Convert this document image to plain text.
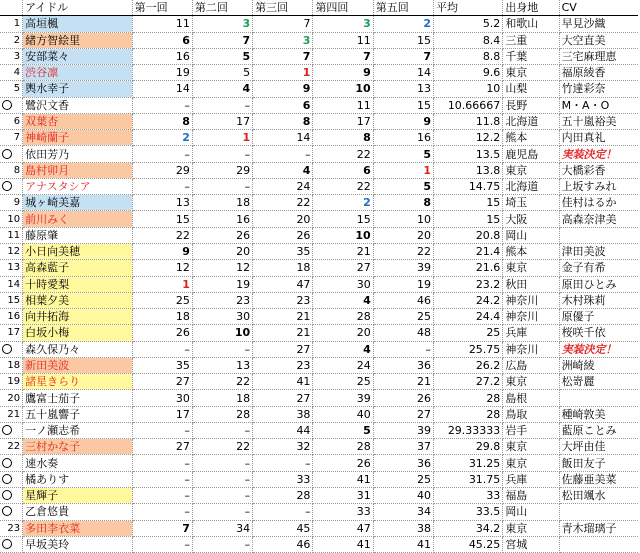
	アイドル	第一回	第二回	第三回	第四回	第五回	平均	出身地	CV
1	高垣楓	11	3	7	3	2	5.2	和歌山	早見沙織
2	緒方智絵里	6	7	3	11	15	8.4	三重	大空直美
3	安部菜々	16	5	7	7	7	8.8	千葉	三宅麻理恵
4	渋谷凛	19	5	1	9	14	9.6	東京	福原綾香
5	輿水幸子	14	4	9	10	13	10	山梨	竹達彩奈
	鷺沢文香	–	–	6	11	15	10.66667	長野	M・A・O
6	双葉杏	8	17	8	17	9	11.8	北海道	五十嵐裕美
7	神崎蘭子	2	1	14	8	16	12.2	熊本	内田真礼
	依田芳乃	–	–	–	22	5	13.5	鹿児島	実装決定！
8	島村卯月	29	29	4	6	1	13.8	東京	大橋彩香
	アナスタシア	–	–	24	22	5	14.75	北海道	上坂すみれ
9	城ヶ崎美嘉	13	18	22	2	8	15	埼玉	佳村はるか
10	前川みく	15	16	20	15	10	15	大阪	高森奈津美
11	藤原肇	22	26	26	10	20	20.8	岡山	
12	小日向美穂	9	20	35	21	22	21.4	熊本	津田美波
13	高森藍子	12	12	18	27	39	21.6	東京	金子有希
14	十時愛梨	1	19	47	30	19	23.2	秋田	原田ひとみ
15	相葉夕美	25	23	23	4	46	24.2	神奈川	木村珠莉
16	向井拓海	18	30	21	28	25	24.4	神奈川	原優子
17	白坂小梅	26	10	21	20	48	25	兵庫	桜咲千依
	森久保乃々	–	–	27	4	–	25.75	神奈川	実装決定！
18	新田美波	35	13	23	24	36	26.2	広島	洲崎綾
19	諸星きらり	27	22	41	25	21	27.2	東京	松嵜麗
20	鷹富士茄子	30	18	27	39	26	28	島根	
21	五十嵐響子	17	28	38	40	27	28	鳥取	種崎敦美
	一ノ瀬志希	–	–	44	5	39	29.33333	岩手	藍原ことみ
22	三村かな子	27	22	32	28	37	29.8	東京	大坪由佳
	速水奏	–	–	–	26	36	31.25	東京	飯田友子
	橘ありす	–	–	33	41	25	31.75	兵庫	佐藤亜美菜
	星輝子	–	–	28	31	40	33	福島	松田颯水
	乙倉悠貴	–	–	–	33	34	33.5	岡山	
23	多田李衣菜	7	34	45	47	38	34.2	東京	青木瑠璃子
	早坂美玲	–	–	46	41	41	45.25	宮城	
